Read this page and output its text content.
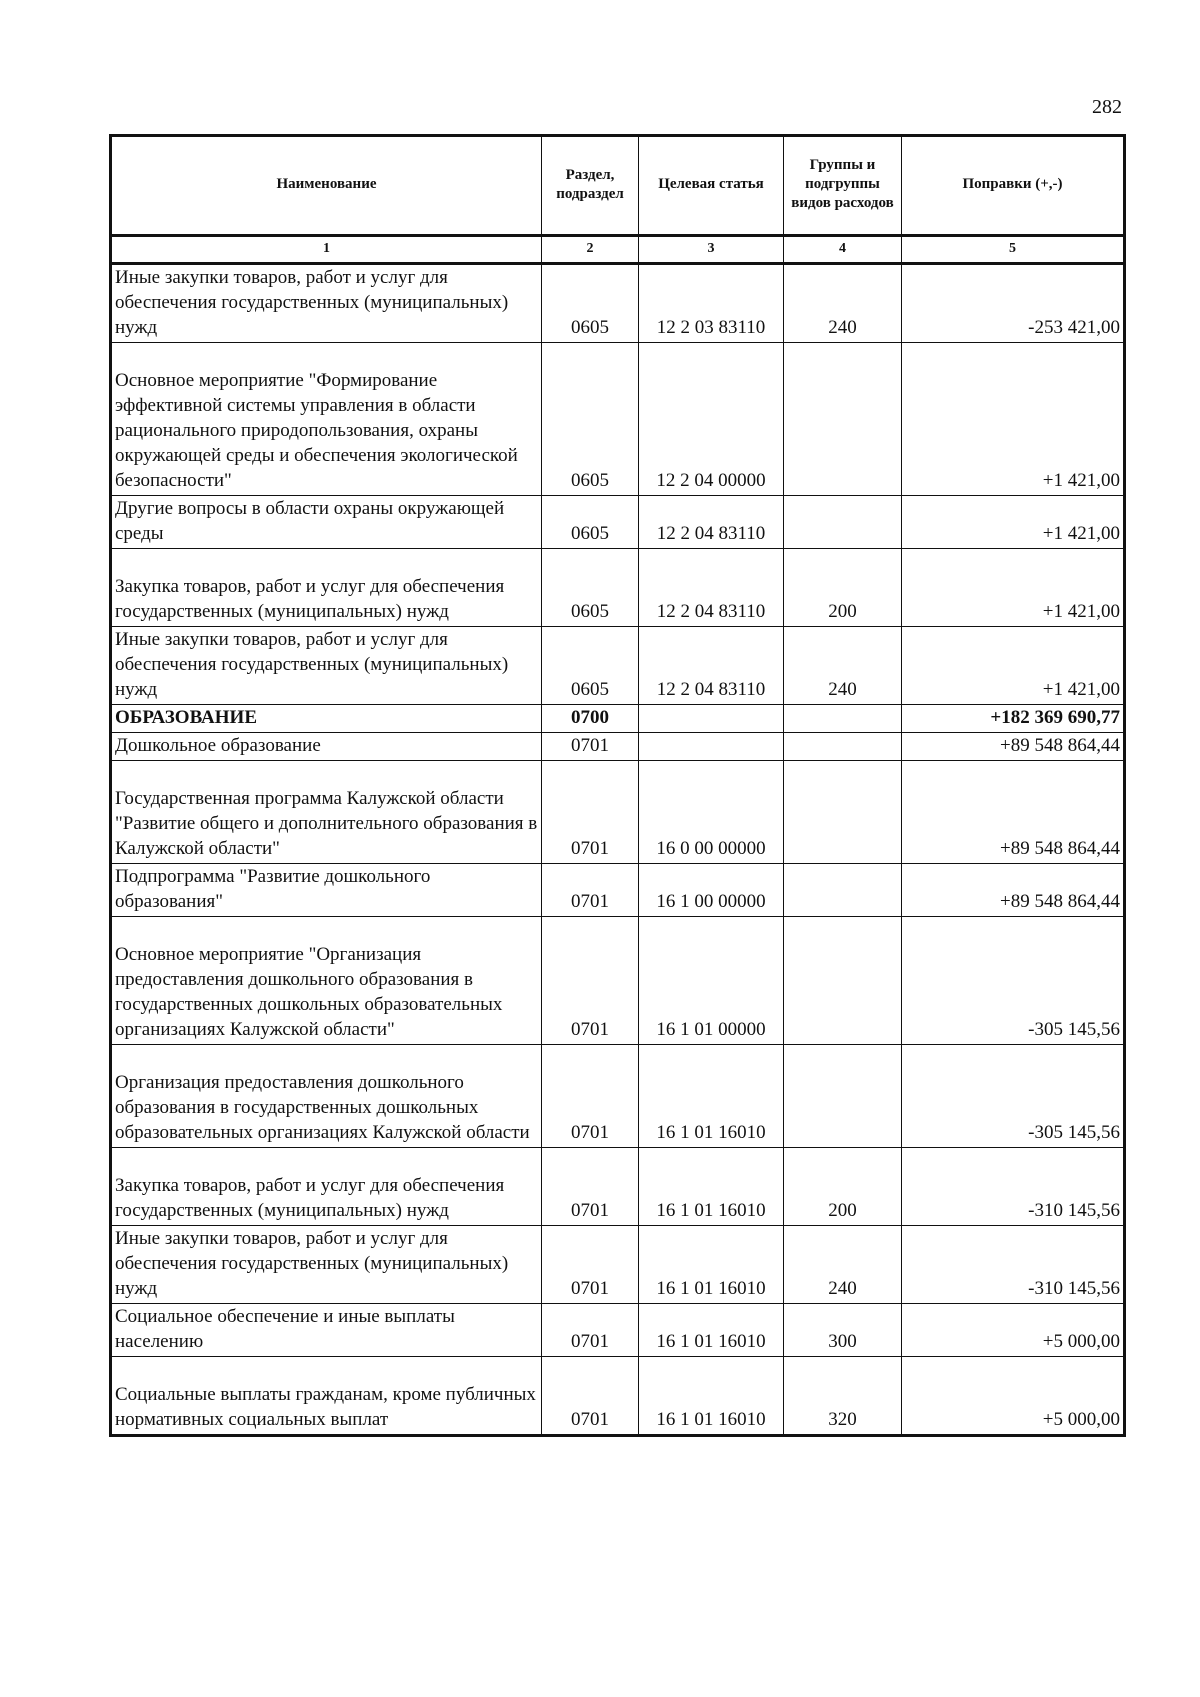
282
Наименование	Раздел, подраздел	Целевая статья	Группы и подгруппы видов расходов	Поправки (+,-)
1	2	3	4	5
Иные закупки товаров, работ и услуг для обеспечения государственных (муниципальных) нужд	0605	12 2 03 83110	240	-253 421,00
Основное мероприятие "Формирование эффективной системы управления в области рационального природопользования, охраны окружающей среды и обеспечения экологической безопасности"	0605	12 2 04 00000		+1 421,00
Другие вопросы в области охраны окружающей среды	0605	12 2 04 83110		+1 421,00
Закупка товаров, работ и услуг для обеспечения государственных (муниципальных) нужд	0605	12 2 04 83110	200	+1 421,00
Иные закупки товаров, работ и услуг для обеспечения государственных (муниципальных) нужд	0605	12 2 04 83110	240	+1 421,00
ОБРАЗОВАНИЕ	0700			+182 369 690,77
Дошкольное образование	0701			+89 548 864,44
Государственная программа Калужской области "Развитие общего и дополнительного образования в Калужской области"	0701	16 0 00 00000		+89 548 864,44
Подпрограмма "Развитие дошкольного образования"	0701	16 1 00 00000		+89 548 864,44
Основное мероприятие "Организация предоставления дошкольного образования в государственных дошкольных образовательных организациях Калужской области"	0701	16 1 01 00000		-305 145,56
Организация предоставления дошкольного образования в государственных дошкольных образовательных организациях Калужской области	0701	16 1 01 16010		-305 145,56
Закупка товаров, работ и услуг для обеспечения государственных (муниципальных) нужд	0701	16 1 01 16010	200	-310 145,56
Иные закупки товаров, работ и услуг для обеспечения государственных (муниципальных) нужд	0701	16 1 01 16010	240	-310 145,56
Социальное обеспечение и иные выплаты населению	0701	16 1 01 16010	300	+5 000,00
Социальные выплаты гражданам, кроме публичных нормативных социальных выплат	0701	16 1 01 16010	320	+5 000,00
